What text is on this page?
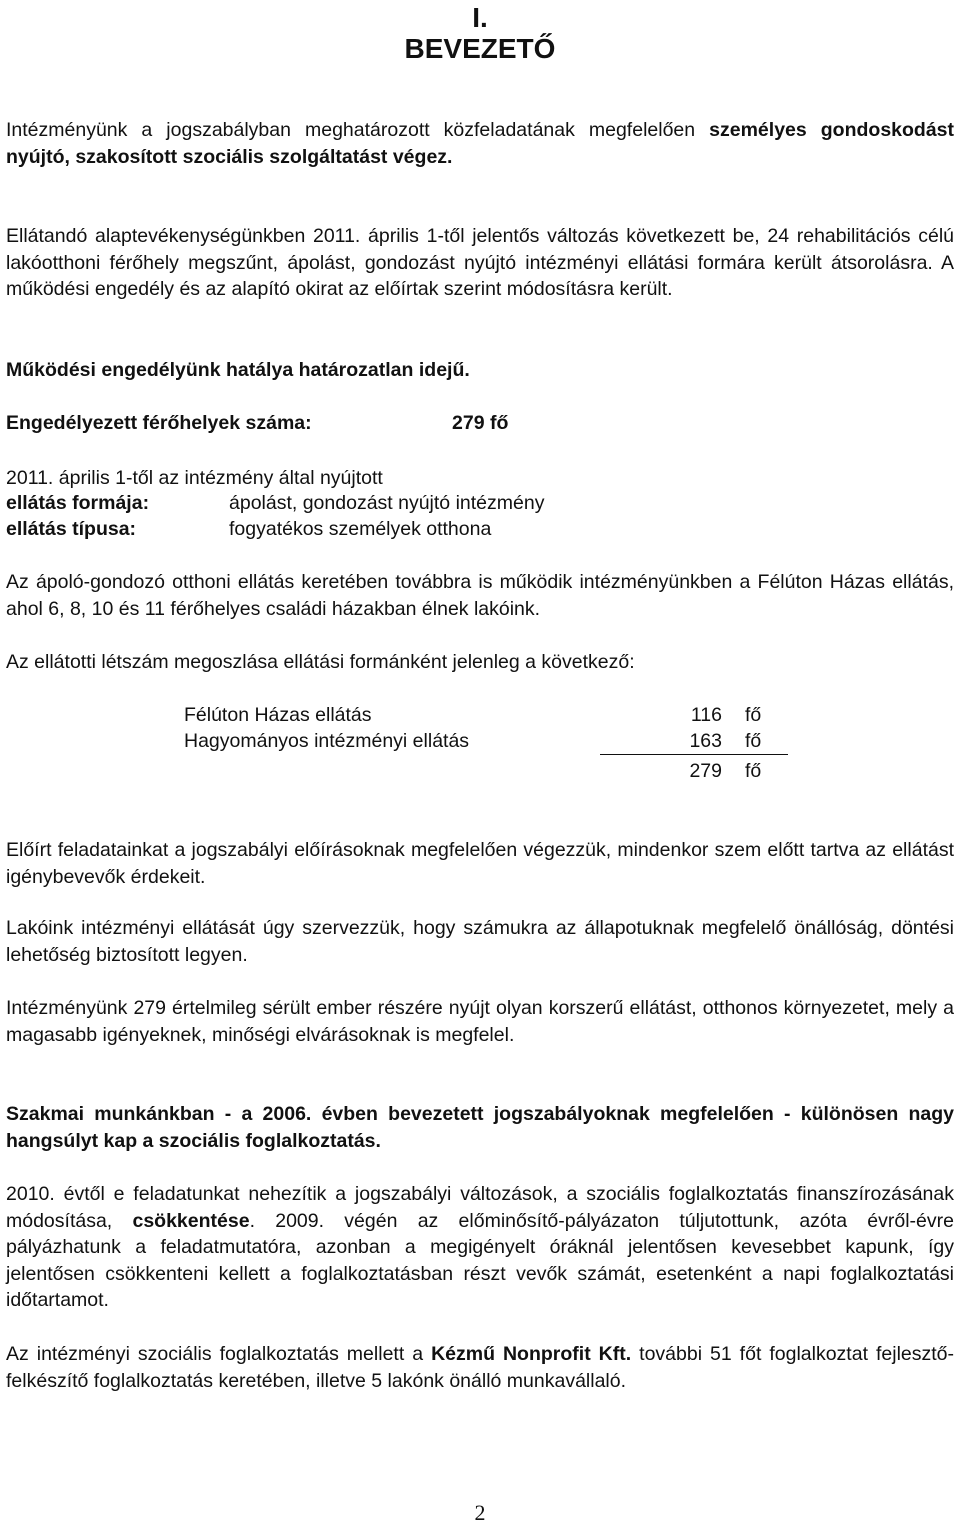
I.
BEVEZETŐ

Intézményünk a jogszabályban meghatározott közfeladatának megfelelően személyes gondoskodást nyújtó, szakosított szociális szolgáltatást végez.

Ellátandó alaptevékenységünkben 2011. április 1-től jelentős változás következett be, 24 rehabilitációs célú lakóotthoni férőhely megszűnt, ápolást, gondozást nyújtó intézményi ellátási formára került átsorolásra. A működési engedély és az alapító okirat az előírtak szerint módosításra került.

Működési engedélyünk hatálya határozatlan idejű.
Engedélyezett férőhelyek száma:	279 fő
2011. április 1-től az intézmény által nyújtott
ellátás formája:	ápolást, gondozást nyújtó intézmény
ellátás típusa:	fogyatékos személyek otthona

Az ápoló-gondozó otthoni ellátás keretében továbbra is működik intézményünkben a Félúton Házas ellátás, ahol 6, 8, 10 és 11 férőhelyes családi házakban élnek lakóink.

Az ellátotti létszám megoszlása ellátási formánként jelenleg a következő:
Félúton Házas ellátás	116 fő
Hagyományos intézményi ellátás	163 fő
279 fő

Előírt feladatainkat a jogszabályi előírásoknak megfelelően végezzük, mindenkor szem előtt tartva az ellátást igénybevevők érdekeit.

Lakóink intézményi ellátását úgy szervezzük, hogy számukra az állapotuknak megfelelő önállóság, döntési lehetőség biztosított legyen.

Intézményünk 279 értelmileg sérült ember részére nyújt olyan korszerű ellátást, otthonos környezetet, mely a magasabb igényeknek, minőségi elvárásoknak is megfelel.

Szakmai munkánkban - a 2006. évben bevezetett jogszabályoknak megfelelően - különösen nagy hangsúlyt kap a szociális foglalkoztatás.

2010. évtől e feladatunkat nehezítik a jogszabályi változások, a szociális foglalkoztatás finanszírozásának módosítása, csökkentése. 2009. végén az előminősítő-pályázaton túljutottunk, azóta évről-évre pályázhatunk a feladatmutatóra, azonban a megigényelt óráknál jelentősen kevesebbet kapunk, így jelentősen csökkenteni kellett a foglalkoztatásban részt vevők számát, esetenként a napi foglalkoztatási időtartamot.

Az intézményi szociális foglalkoztatás mellett a Kézmű Nonprofit Kft. további 51 főt foglalkoztat fejlesztő-felkészítő foglalkoztatás keretében, illetve 5 lakónk önálló munkavállaló.

2
